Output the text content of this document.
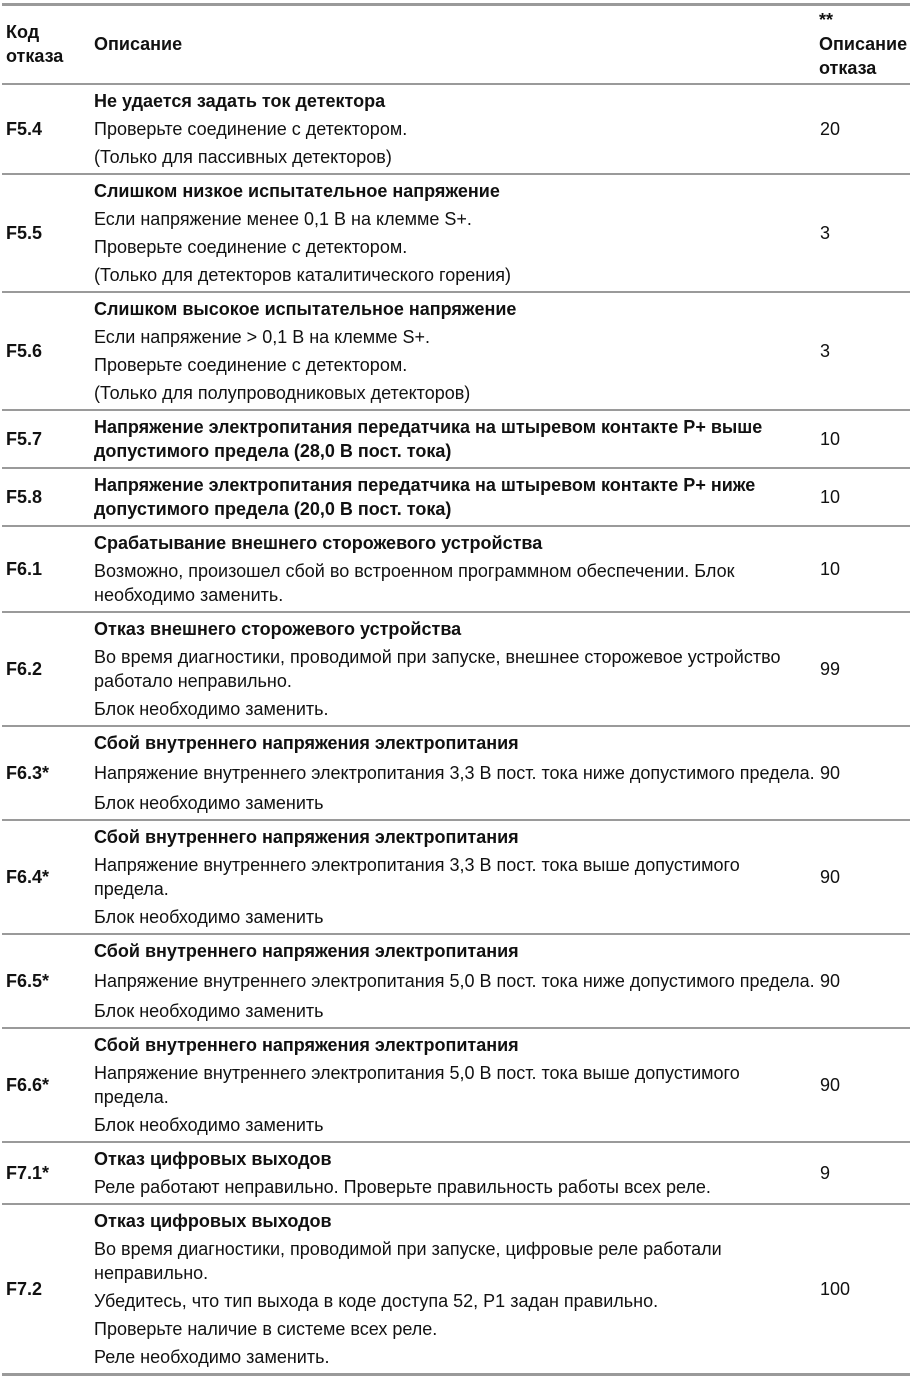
Код отказа	Описание	** Описание отказа
F5.4	Не удается задать ток детектора
Проверьте соединение с детектором.
(Только для пассивных детекторов)	20
F5.5	Слишком низкое испытательное напряжение
Если напряжение менее 0,1 В на клемме S+.
Проверьте соединение с детектором.
(Только для детекторов каталитического горения)	3
F5.6	Слишком высокое испытательное напряжение
Если напряжение > 0,1 В на клемме S+.
Проверьте соединение с детектором.
(Только для полупроводниковых детекторов)	3
F5.7	Напряжение электропитания передатчика на штыревом контакте P+ выше допустимого предела (28,0 В пост. тока)	10
F5.8	Напряжение электропитания передатчика на штыревом контакте P+ ниже допустимого предела (20,0 В пост. тока)	10
F6.1	Срабатывание внешнего сторожевого устройства
Возможно, произошел сбой во встроенном программном обеспечении. Блок необходимо заменить.	10
F6.2	Отказ внешнего сторожевого устройства
Во время диагностики, проводимой при запуске, внешнее сторожевое устройство работало неправильно.
Блок необходимо заменить.	99
F6.3*	Сбой внутреннего напряжения электропитания
Напряжение внутреннего электропитания 3,3 В пост. тока ниже допустимого предела.
Блок необходимо заменить	90
F6.4*	Сбой внутреннего напряжения электропитания
Напряжение внутреннего электропитания 3,3 В пост. тока выше допустимого предела.
Блок необходимо заменить	90
F6.5*	Сбой внутреннего напряжения электропитания
Напряжение внутреннего электропитания 5,0 В пост. тока ниже допустимого предела.
Блок необходимо заменить	90
F6.6*	Сбой внутреннего напряжения электропитания
Напряжение внутреннего электропитания 5,0 В пост. тока выше допустимого предела.
Блок необходимо заменить	90
F7.1*	Отказ цифровых выходов
Реле работают неправильно. Проверьте правильность работы всех реле.	9
F7.2	Отказ цифровых выходов
Во время диагностики, проводимой при запуске, цифровые реле работали неправильно.
Убедитесь, что тип выхода в коде доступа 52, P1 задан правильно.
Проверьте наличие в системе всех реле.
Реле необходимо заменить.	100
